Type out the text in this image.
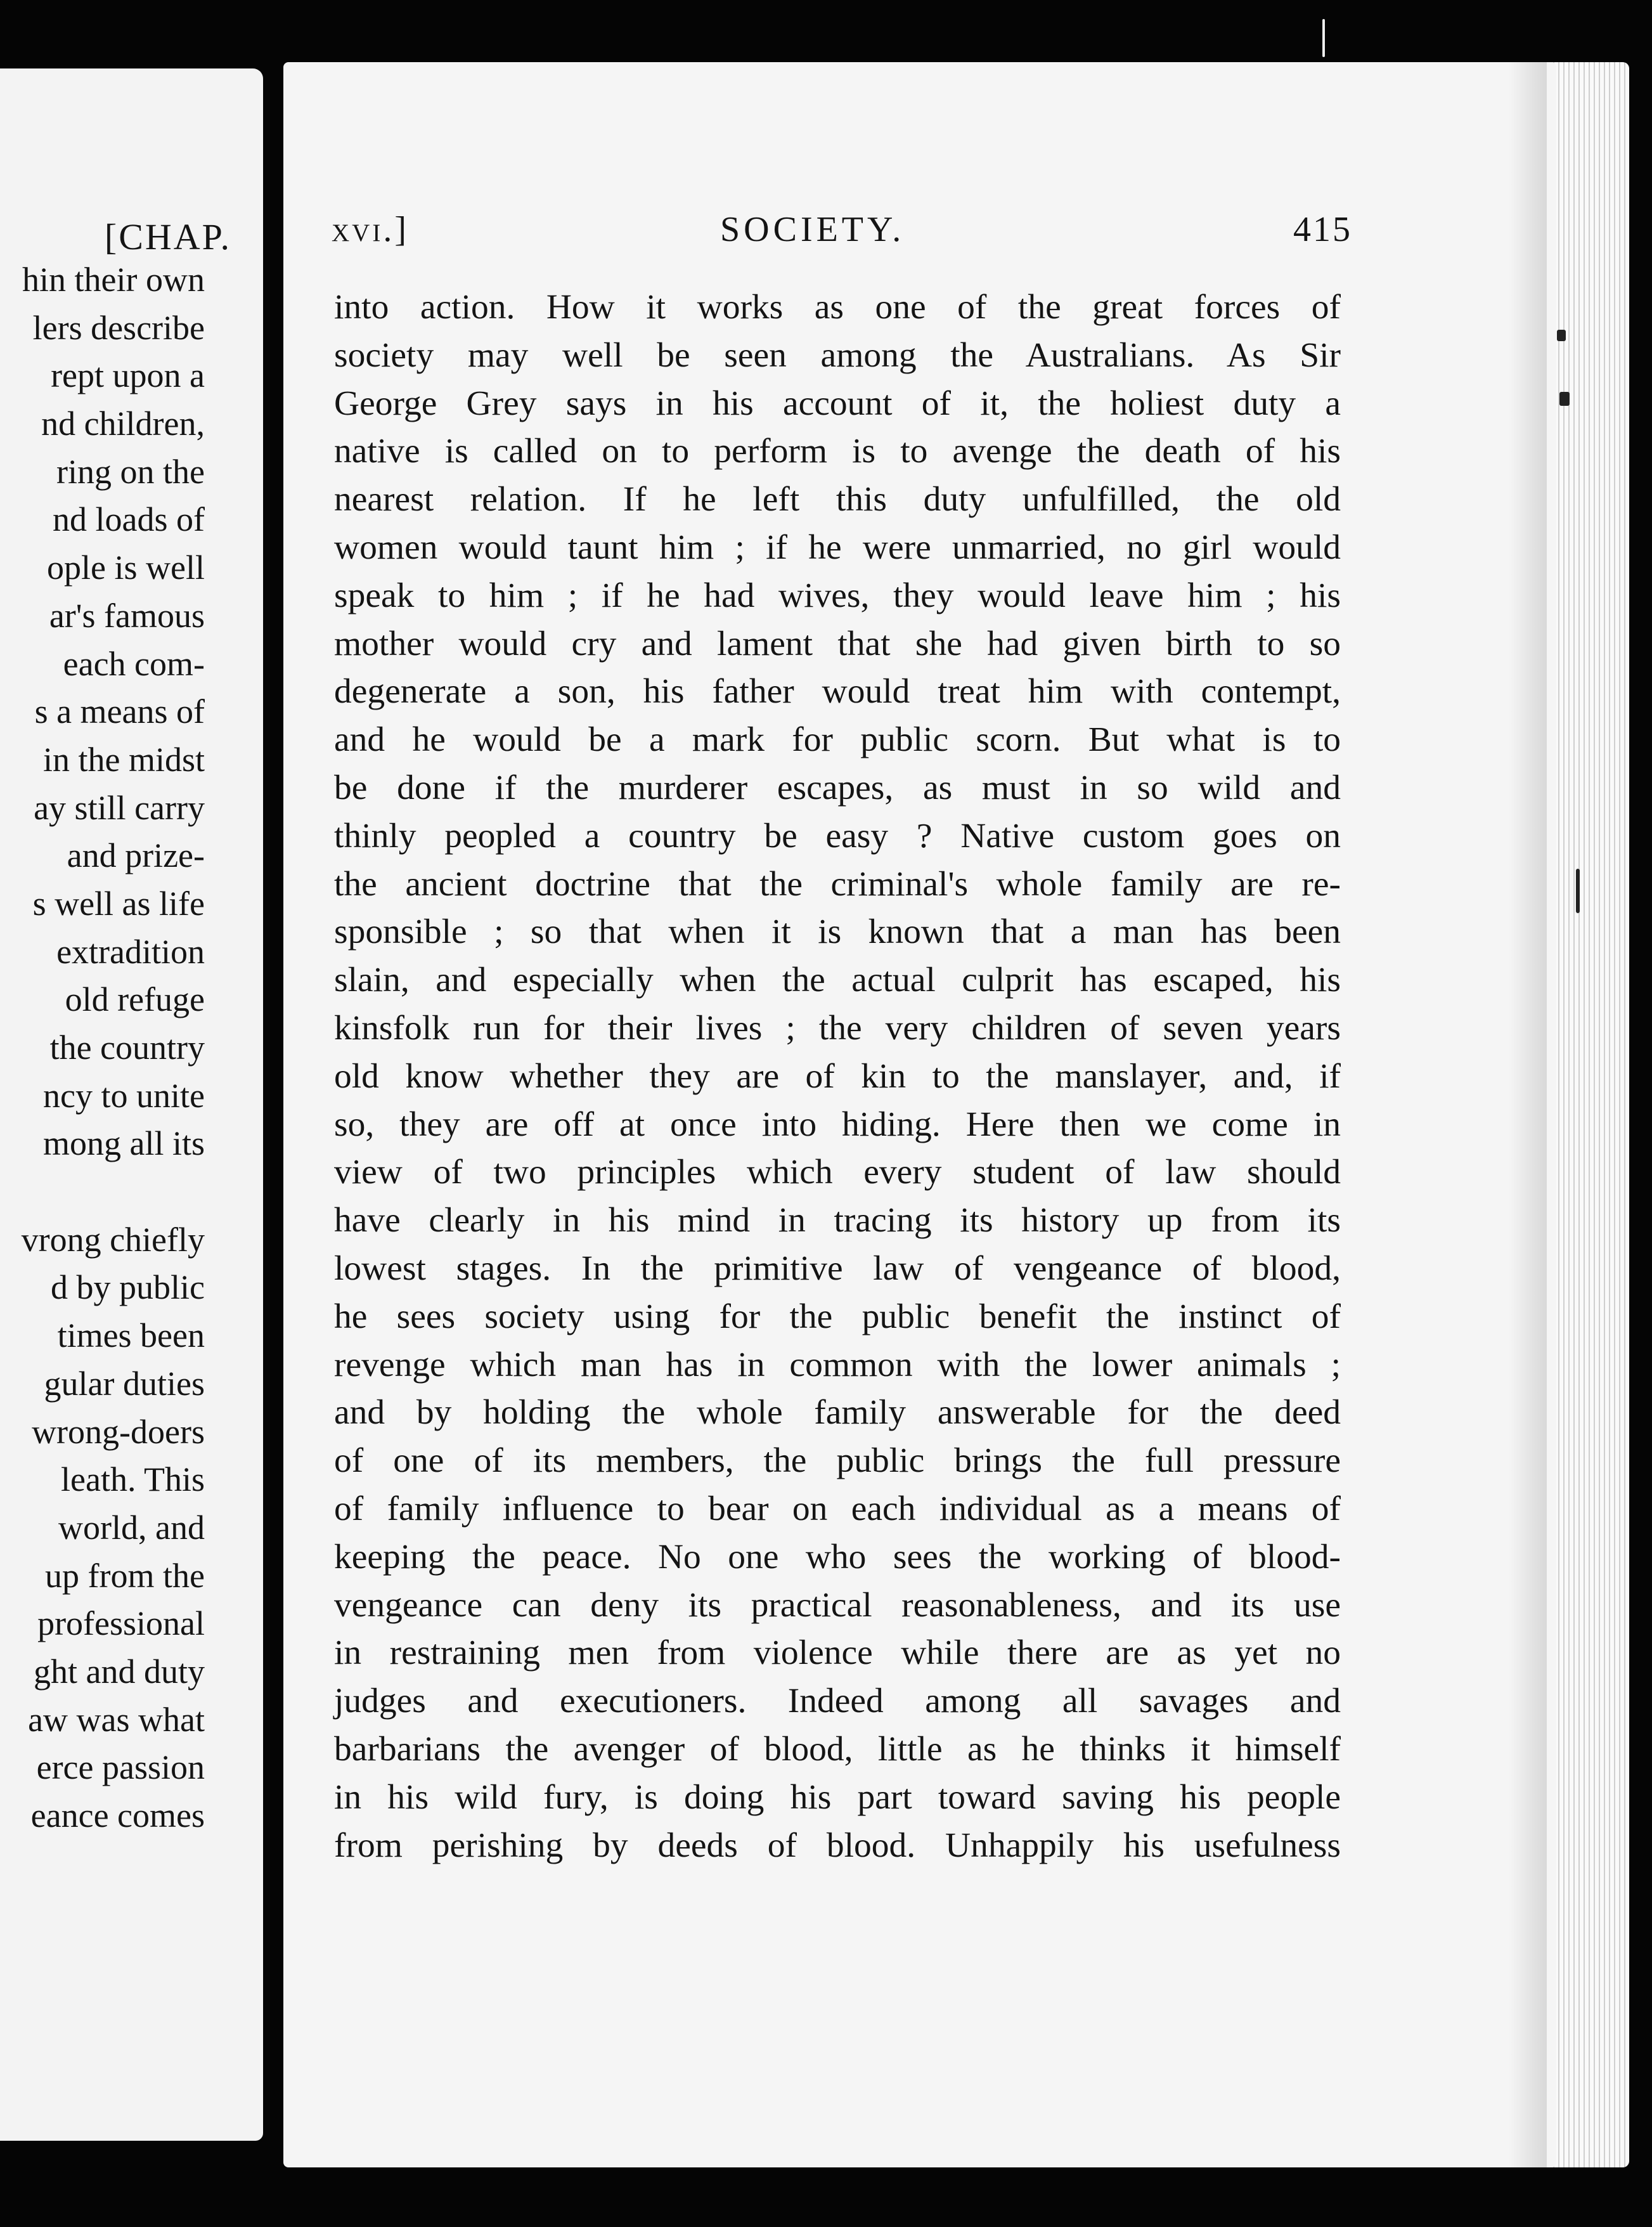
[CHAP.
hin their own
lers describe
rept upon a
nd children,
ring on the
nd loads of
ople is well
ar's famous
each com-
s a means of
in the midst
ay still carry
and prize-
s well as life
extradition
old refuge
the country
ncy to unite
mong all its
vrong chiefly
d by public
times been
gular duties
wrong-doers
leath. This
world, and
up from the
professional
ght and duty
aw was what
erce passion
eance comes
xvi.]	SOCIETY.	415
into action. How it works as one of the great forces of
society may well be seen among the Australians. As Sir
George Grey says in his account of it, the holiest duty a
native is called on to perform is to avenge the death of his
nearest relation. If he left this duty unfulfilled, the old
women would taunt him ; if he were unmarried, no girl would
speak to him ; if he had wives, they would leave him ; his
mother would cry and lament that she had given birth to so
degenerate a son, his father would treat him with contempt,
and he would be a mark for public scorn. But what is to
be done if the murderer escapes, as must in so wild and
thinly peopled a country be easy ? Native custom goes on
the ancient doctrine that the criminal's whole family are re-
sponsible ; so that when it is known that a man has been
slain, and especially when the actual culprit has escaped, his
kinsfolk run for their lives ; the very children of seven years
old know whether they are of kin to the manslayer, and, if
so, they are off at once into hiding. Here then we come in
view of two principles which every student of law should
have clearly in his mind in tracing its history up from its
lowest stages. In the primitive law of vengeance of blood,
he sees society using for the public benefit the instinct of
revenge which man has in common with the lower animals ;
and by holding the whole family answerable for the deed
of one of its members, the public brings the full pressure
of family influence to bear on each individual as a means of
keeping the peace. No one who sees the working of blood-
vengeance can deny its practical reasonableness, and its use
in restraining men from violence while there are as yet no
judges and executioners. Indeed among all savages and
barbarians the avenger of blood, little as he thinks it himself
in his wild fury, is doing his part toward saving his people
from perishing by deeds of blood. Unhappily his usefulness
